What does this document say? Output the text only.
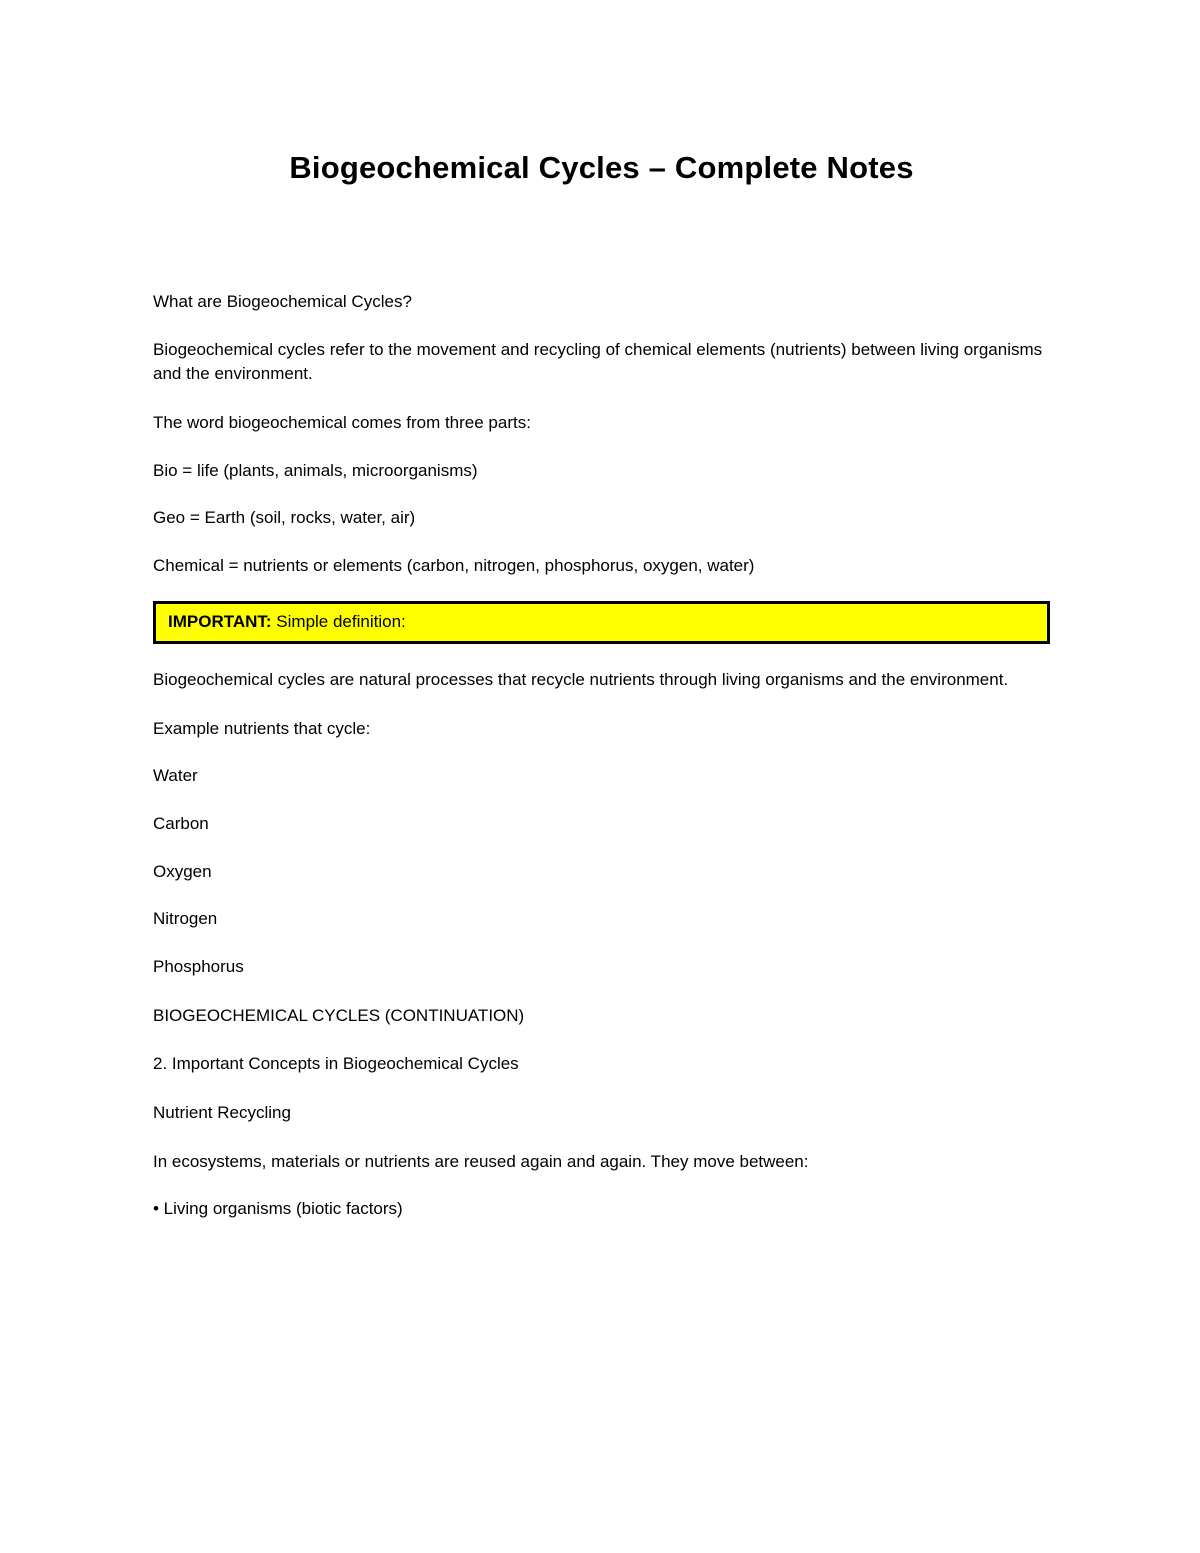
Biogeochemical Cycles – Complete Notes

What are Biogeochemical Cycles?

Biogeochemical cycles refer to the movement and recycling of chemical elements (nutrients) between living organisms and the environment.

The word biogeochemical comes from three parts:

Bio = life (plants, animals, microorganisms)

Geo = Earth (soil, rocks, water, air)

Chemical = nutrients or elements (carbon, nitrogen, phosphorus, oxygen, water)

IMPORTANT: Simple definition:

Biogeochemical cycles are natural processes that recycle nutrients through living organisms and the environment.

Example nutrients that cycle:

Water

Carbon

Oxygen

Nitrogen

Phosphorus

BIOGEOCHEMICAL CYCLES (CONTINUATION)

2. Important Concepts in Biogeochemical Cycles

Nutrient Recycling

In ecosystems, materials or nutrients are reused again and again. They move between:

• Living organisms (biotic factors)
